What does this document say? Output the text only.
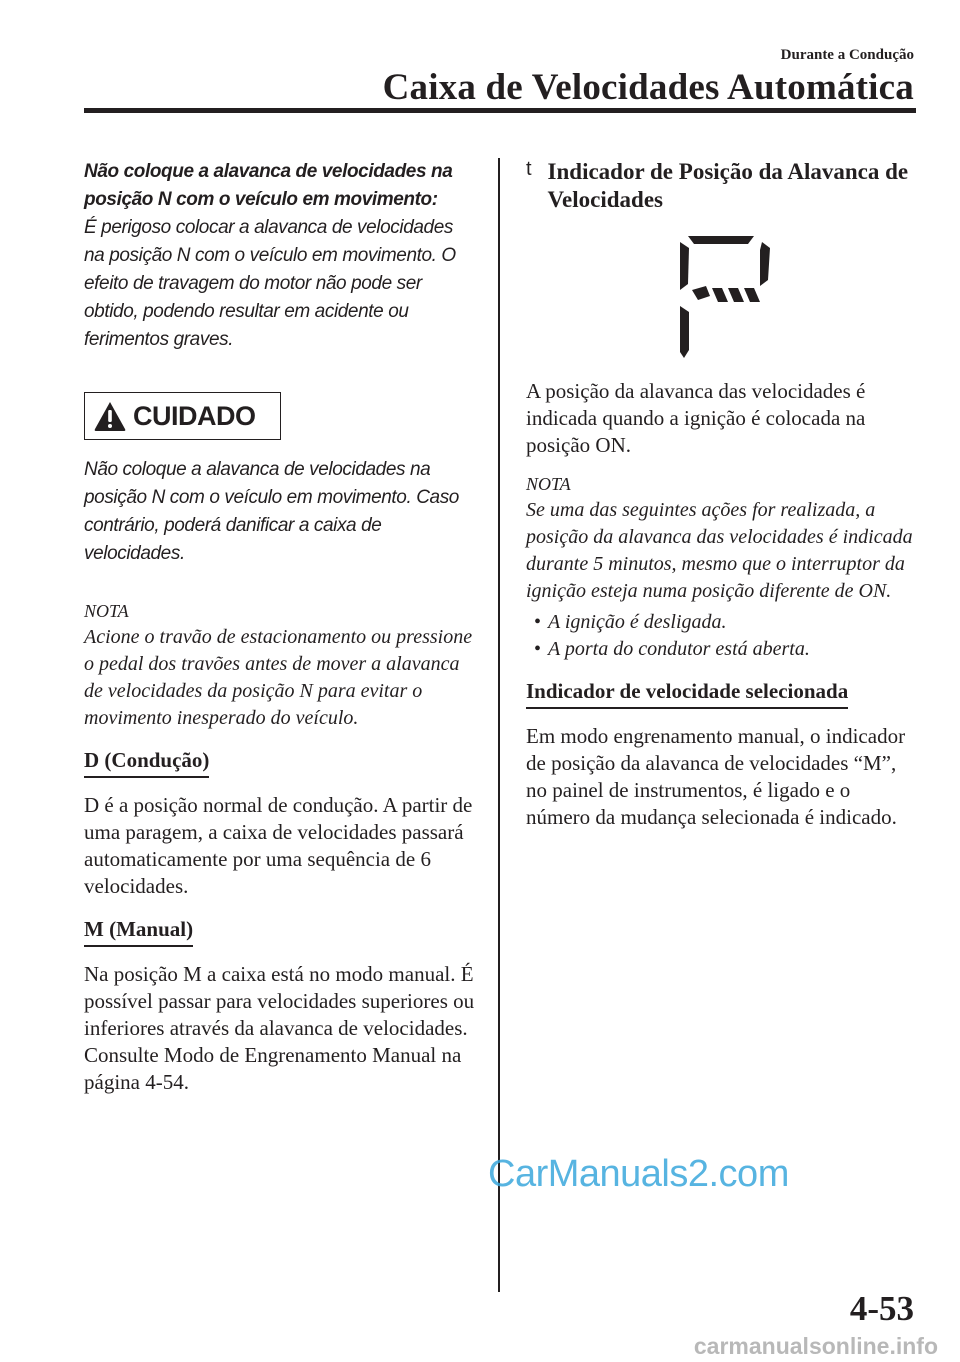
Durante a Condução
Caixa de Velocidades Automática

Não coloque a alavanca de velocidades na posição N com o veículo em movimento:

É perigoso colocar a alavanca de velocidades na posição N com o veículo em movimento. O efeito de travagem do motor não pode ser obtido, podendo resultar em acidente ou ferimentos graves.

CUIDADO

Não coloque a alavanca de velocidades na posição N com o veículo em movimento. Caso contrário, poderá danificar a caixa de velocidades.

NOTA

Acione o travão de estacionamento ou pressione o pedal dos travões antes de mover a alavanca de velocidades da posição N para evitar o movimento inesperado do veículo.

D (Condução)

D é a posição normal de condução. A partir de uma paragem, a caixa de velocidades passará automaticamente por uma sequência de 6 velocidades.

M (Manual)

Na posição M a caixa está no modo manual. É possível passar para velocidades superiores ou inferiores através da alavanca de velocidades. Consulte Modo de Engrenamento Manual na página 4-54.

t Indicador de Posição da Alavanca de Velocidades

A posição da alavanca das velocidades é indicada quando a ignição é colocada na posição ON.

NOTA

Se uma das seguintes ações for realizada, a posição da alavanca das velocidades é indicada durante 5 minutos, mesmo que o interruptor da ignição esteja numa posição diferente de ON.

• A ignição é desligada.
• A porta do condutor está aberta.

Indicador de velocidade selecionada

Em modo engrenamento manual, o indicador de posição da alavanca de velocidades “M”, no painel de instrumentos, é ligado e o número da mudança selecionada é indicado.

CarManuals2.com
4-53
carmanualsonline.info
